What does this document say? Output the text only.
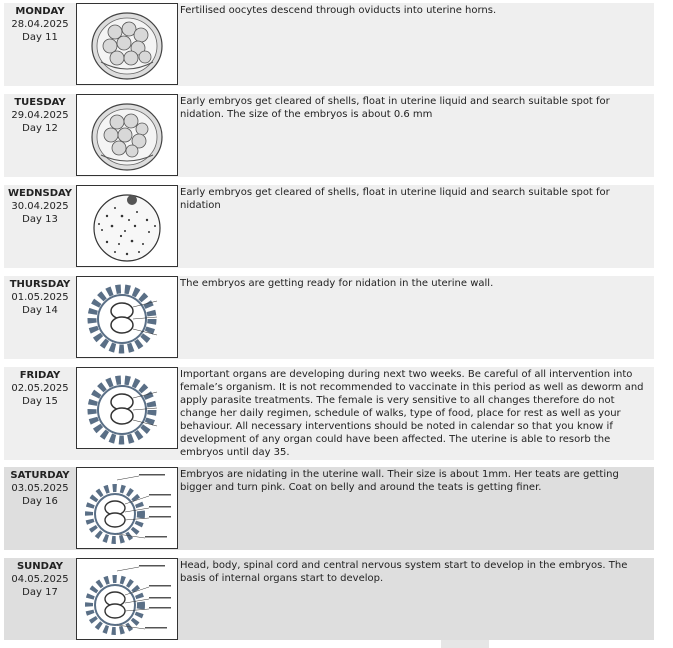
MONDAY
28.04.2025
Day 11
Fertilised oocytes descend through oviducts into uterine horns.
TUESDAY
29.04.2025
Day 12
Early embryos get cleared of shells, float in uterine liquid and search suitable spot for nidation. The size of the embryos is about 0.6 mm
WEDNSDAY
30.04.2025
Day 13
Early embryos get cleared of shells, float in uterine liquid and search suitable spot for nidation
THURSDAY
01.05.2025
Day 14
The embryos are getting ready for nidation in the uterine wall.
FRIDAY
02.05.2025
Day 15
Important organs are developing during next two weeks. Be careful of all intervention into female’s organism. It is not recommended to vaccinate in this period as well as deworm and apply parasite treatments. The female is very sensitive to all changes therefore do not change her daily regimen, schedule of walks, type of food, place for rest as well as your behaviour. All necessary interventions should be noted in calendar so that you know if development of any organ could have been affected. The uterine is able to resorb the embryos until day 35.
SATURDAY
03.05.2025
Day 16
Embryos are nidating in the uterine wall. Their size is about 1mm. Her teats are getting bigger and turn pink. Coat on belly and around the teats is getting finer.
SUNDAY
04.05.2025
Day 17
Head, body, spinal cord and central nervous system start to develop in the embryos. The basis of internal organs start to develop.
